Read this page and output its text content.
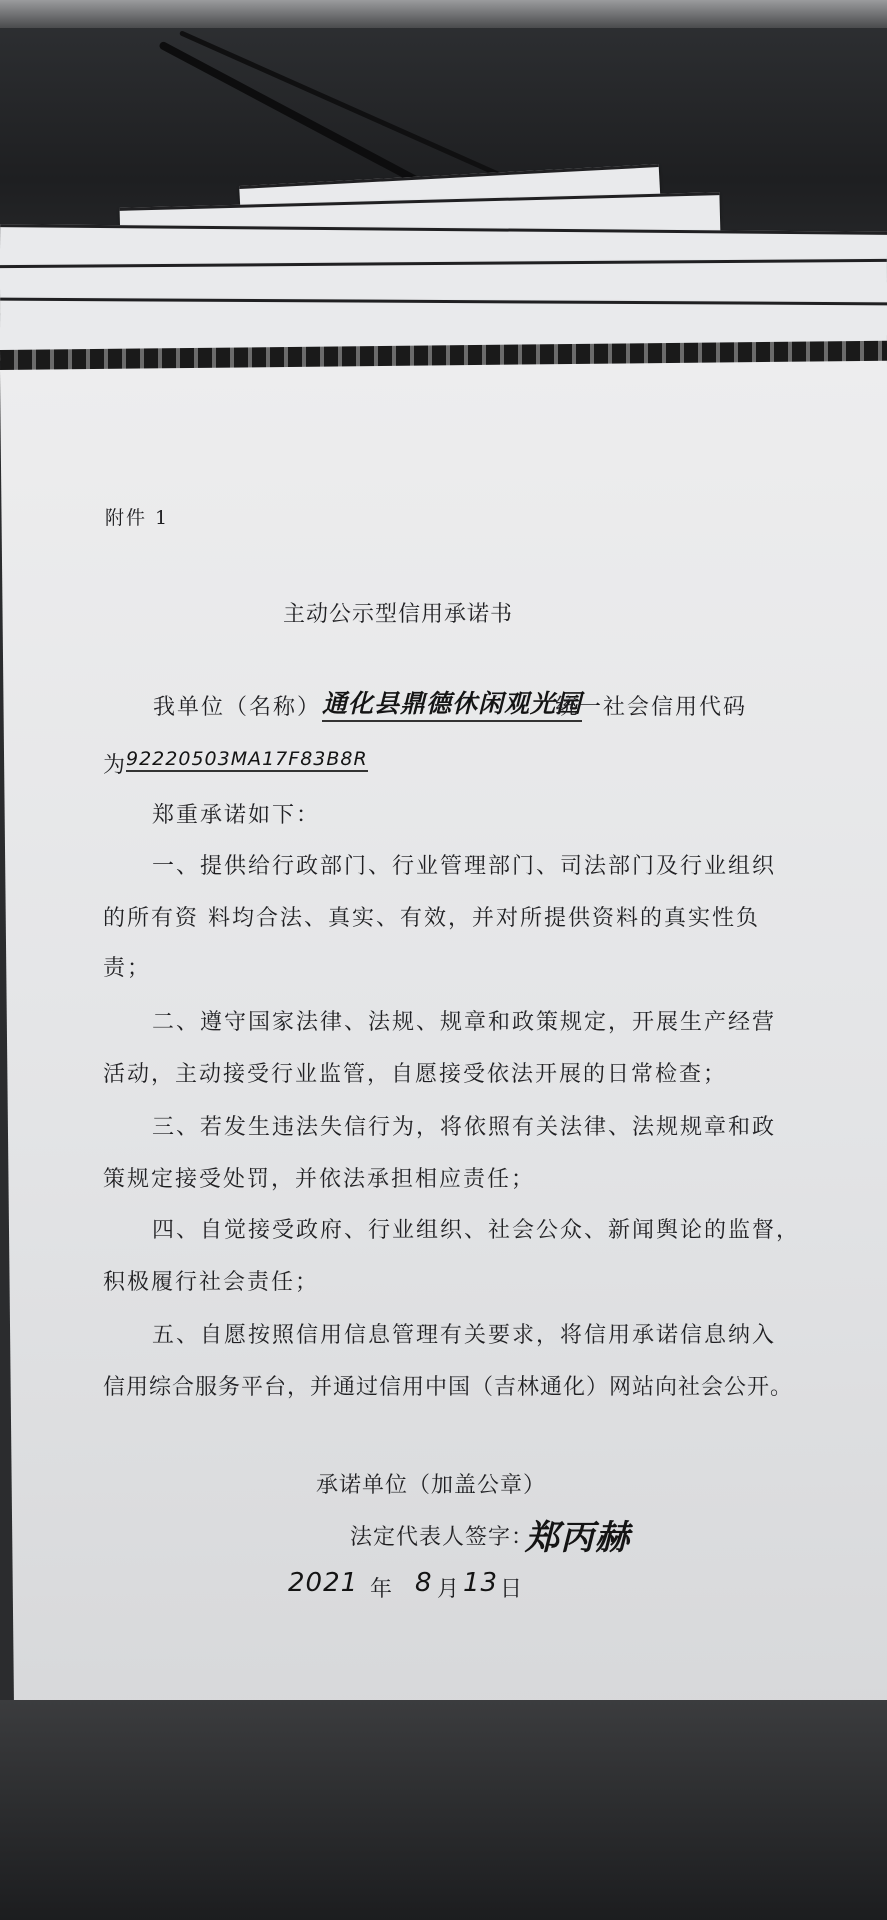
附件 1
主动公示型信用承诺书
我单位（名称） 通化县鼎德休闲观光园
统一社会信用代码
为
92220503MA17F83B8R
郑重承诺如下：
一、提供给行政部门、行业管理部门、司法部门及行业组织
的所有资 料均合法、真实、有效，并对所提供资料的真实性负
责；
二、遵守国家法律、法规、规章和政策规定，开展生产经营
活动，主动接受行业监管，自愿接受依法开展的日常检查；
三、若发生违法失信行为，将依照有关法律、法规规章和政
策规定接受处罚，并依法承担相应责任；
四、自觉接受政府、行业组织、社会公众、新闻舆论的监督，
积极履行社会责任；
五、自愿按照信用信息管理有关要求，将信用承诺信息纳入
信用综合服务平台，并通过信用中国（吉林通化）网站向社会公开。
承诺单位（加盖公章）
法定代表人签字：
郑丙赫
2021 年 8 月 13 日
